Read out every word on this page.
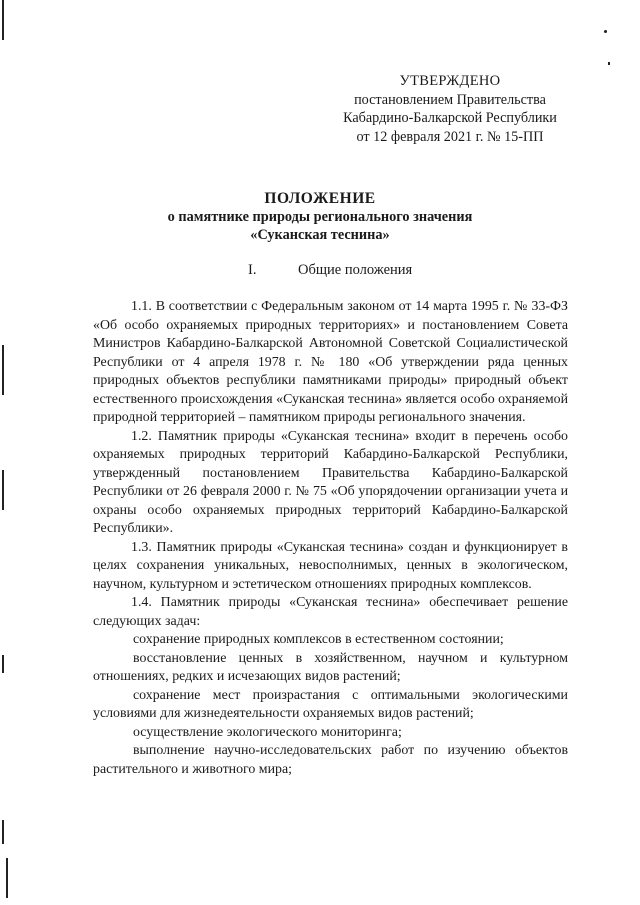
УТВЕРЖДЕНО
постановлением Правительства
Кабардино-Балкарской Республики
от 12 февраля 2021 г. № 15-ПП
ПОЛОЖЕНИЕ
о памятнике природы регионального значения
«Суканская теснина»
I.	Общие положения

1.1. В соответствии с Федеральным законом от 14 марта 1995 г. № 33-ФЗ «Об особо охраняемых природных территориях» и постановлением Совета Министров Кабардино-Балкарской Автономной Советской Социалистической Республики от 4 апреля 1978 г. № 180 «Об утверждении ряда ценных природных объектов республики памятниками природы» природный объект естественного происхождения «Суканская теснина» является особо охраняемой природной территорией – памятником природы регионального значения.

1.2. Памятник природы «Суканская теснина» входит в перечень особо охраняемых природных территорий Кабардино-Балкарской Республики, утвержденный постановлением Правительства Кабардино-Балкарской Республики от 26 февраля 2000 г. № 75 «Об упорядочении организации учета и охраны особо охраняемых природных территорий Кабардино-Балкарской Республики».

1.3. Памятник природы «Суканская теснина» создан и функционирует в целях сохранения уникальных, невосполнимых, ценных в экологическом, научном, культурном и эстетическом отношениях природных комплексов.

1.4. Памятник природы «Суканская теснина» обеспечивает решение следующих задач:

сохранение природных комплексов в естественном состоянии;

восстановление ценных в хозяйственном, научном и культурном отношениях, редких и исчезающих видов растений;

сохранение мест произрастания с оптимальными экологическими условиями для жизнедеятельности охраняемых видов растений;

осуществление экологического мониторинга;

выполнение научно-исследовательских работ по изучению объектов растительного и животного мира;
